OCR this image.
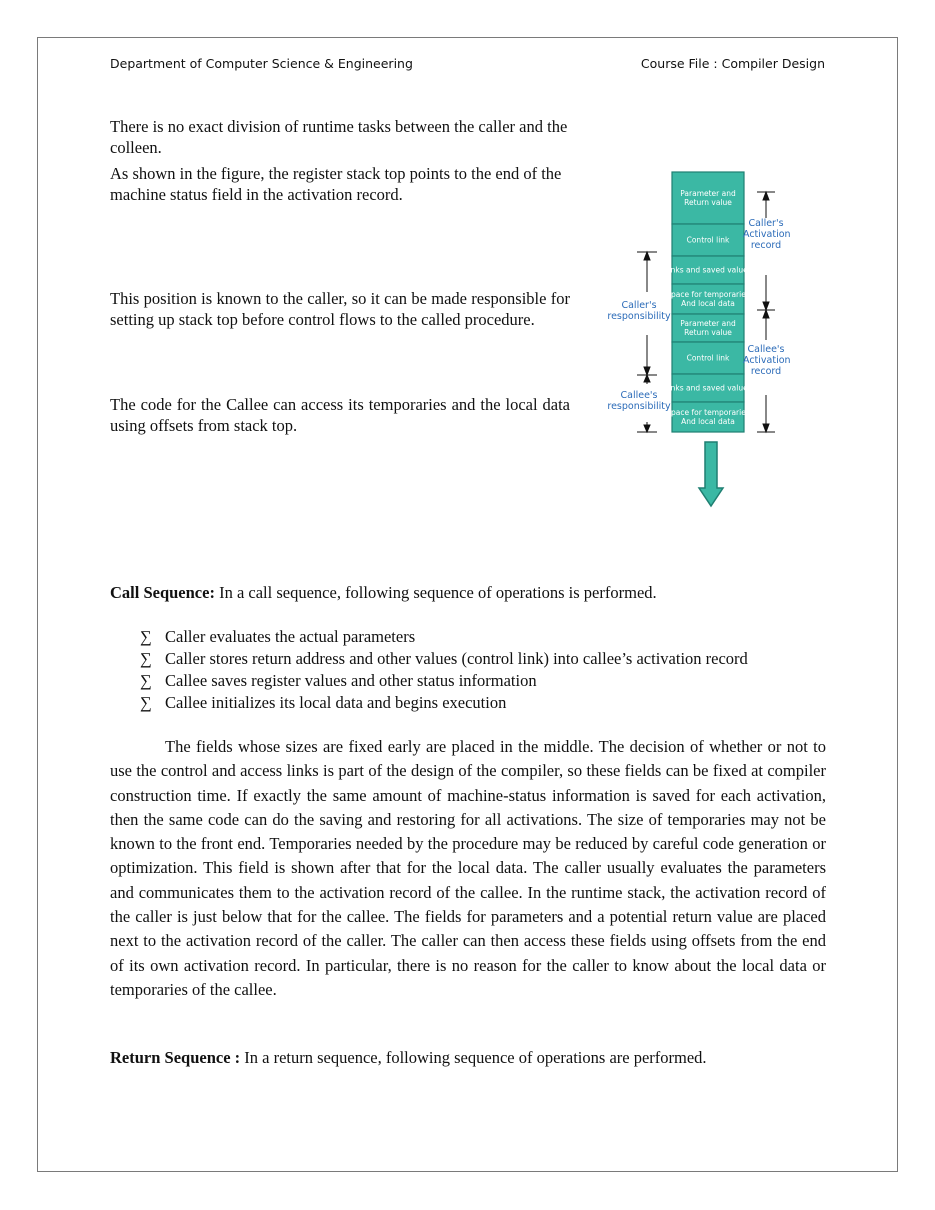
Department of Computer Science & Engineering	Course File : Compiler Design

There is no exact division of runtime tasks between the caller and the colleen.

As shown in the figure, the register stack top points to the end of the machine status field in the activation record.

This position is known to the caller, so it can be made responsible for setting up stack top before control flows to the called procedure.

The code for the Callee can access its temporaries and the local data using offsets from stack top.

Parameter and Return value
Control link
Links and saved values
Space for temporaries And local data
Parameter and Return value
Control link
Links and saved values
Space for temporaries And local data
Caller's
Activation
record
Callee's
Activation
record
Caller's
responsibility
Callee's
responsibility

Call Sequence: In a call sequence, following sequence of operations is performed.

∑ Caller evaluates the actual parameters
∑ Caller stores return address and other values (control link) into callee’s activation record
∑ Callee saves register values and other status information
∑ Callee initializes its local data and begins execution

The fields whose sizes are fixed early are placed in the middle. The decision of whether or not to use the control and access links is part of the design of the compiler, so these fields can be fixed at compiler construction time. If exactly the same amount of machine-status information is saved for each activation, then the same code can do the saving and restoring for all activations. The size of temporaries may not be known to the front end. Temporaries needed by the procedure may be reduced by careful code generation or optimization. This field is shown after that for the local data. The caller usually evaluates the parameters and communicates them to the activation record of the callee. In the runtime stack, the activation record of the caller is just below that for the callee. The fields for parameters and a potential return value are placed next to the activation record of the caller. The caller can then access these fields using offsets from the end of its own activation record. In particular, there is no reason for the caller to know about the local data or temporaries of the callee.

Return Sequence : In a return sequence, following sequence of operations are performed.
